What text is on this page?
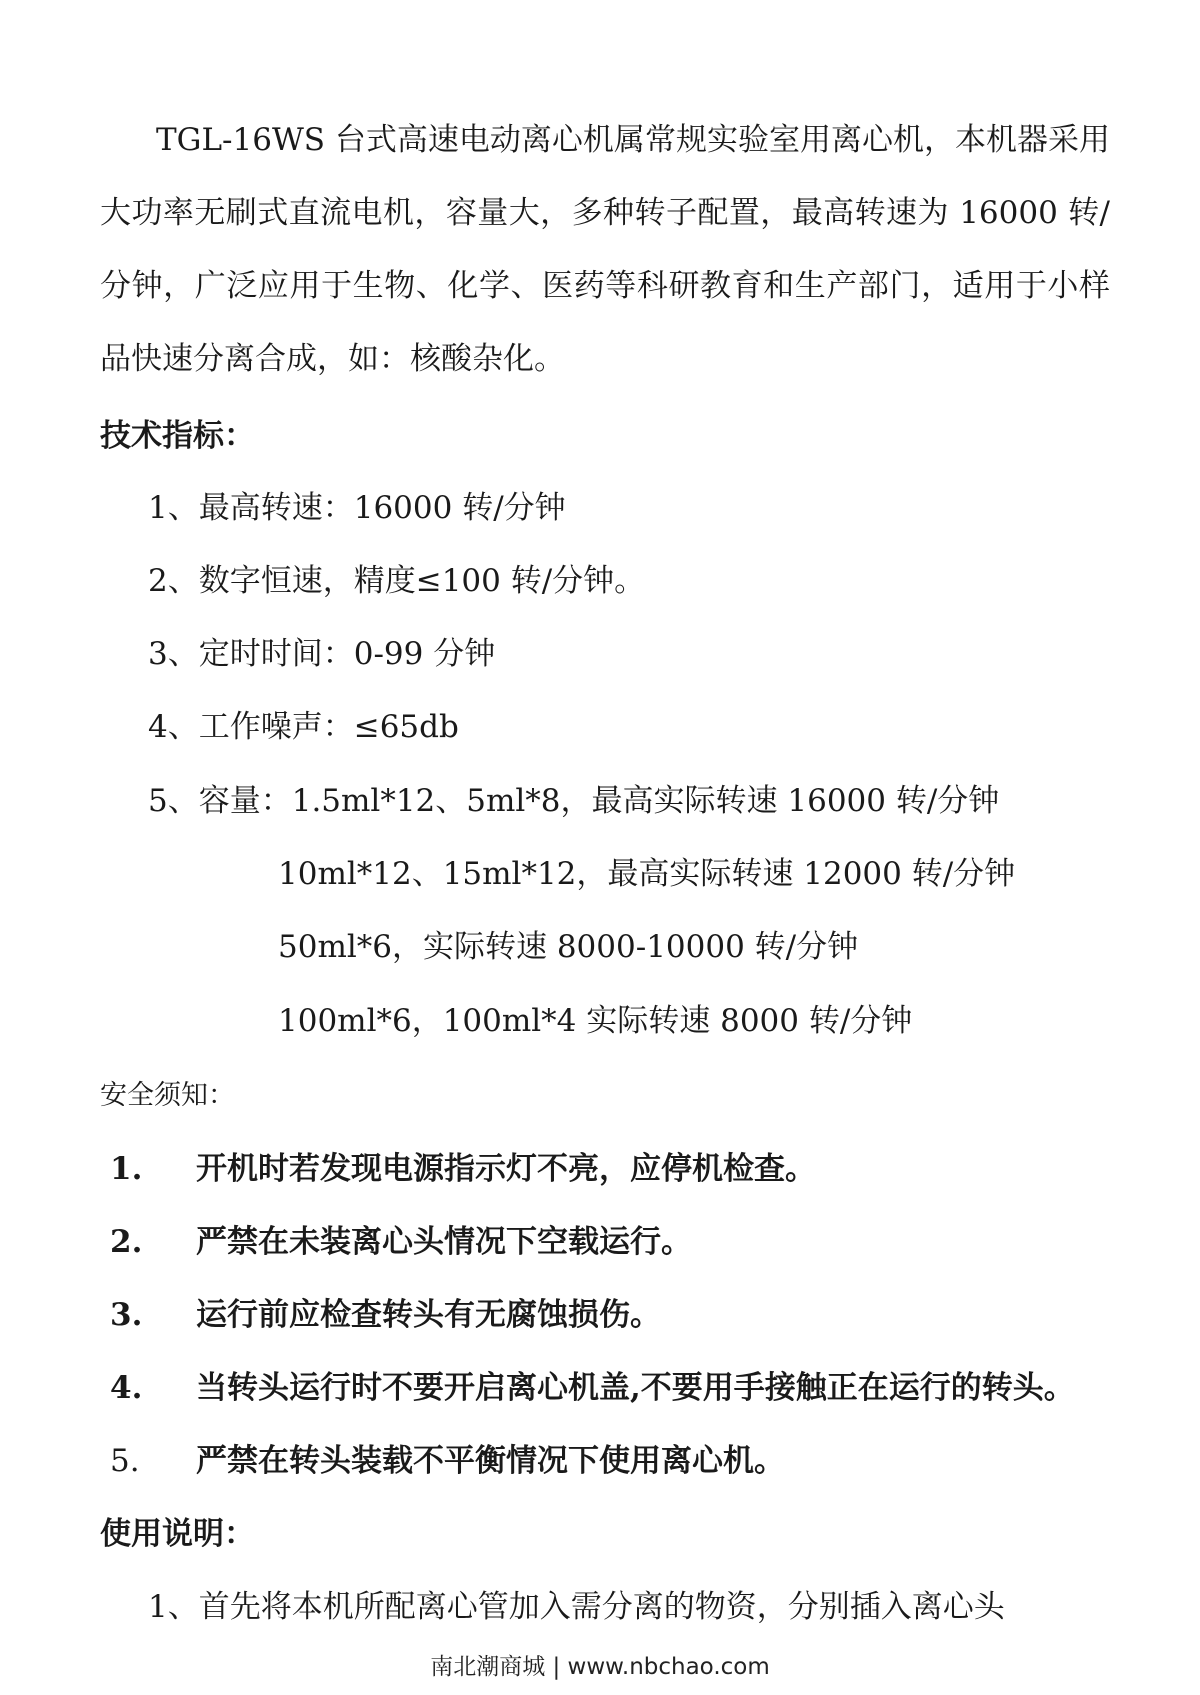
TGL-16WS 台式高速电动离心机属常规实验室用离心机，本机器采用大功率无刷式直流电机，容量大，多种转子配置，最高转速为 16000 转/分钟，广泛应用于生物、化学、医药等科研教育和生产部门，适用于小样品快速分离合成，如：核酸杂化。

技术指标：

1、最高转速：16000 转/分钟

2、数字恒速，精度≤100 转/分钟。

3、定时时间：0-99 分钟

4、工作噪声：≤65db

5、容量：1.5ml*12、5ml*8，最高实际转速 16000 转/分钟

10ml*12、15ml*12，最高实际转速 12000 转/分钟

50ml*6，实际转速 8000-10000 转/分钟

100ml*6，100ml*4 实际转速 8000 转/分钟

安全须知：

1. 开机时若发现电源指示灯不亮，应停机检查。

2. 严禁在未装离心头情况下空载运行。

3. 运行前应检查转头有无腐蚀损伤。

4. 当转头运行时不要开启离心机盖,不要用手接触正在运行的转头。

5. 严禁在转头装载不平衡情况下使用离心机。

使用说明：

1、首先将本机所配离心管加入需分离的物资，分别插入离心头

南北潮商城 | www.nbchao.com
